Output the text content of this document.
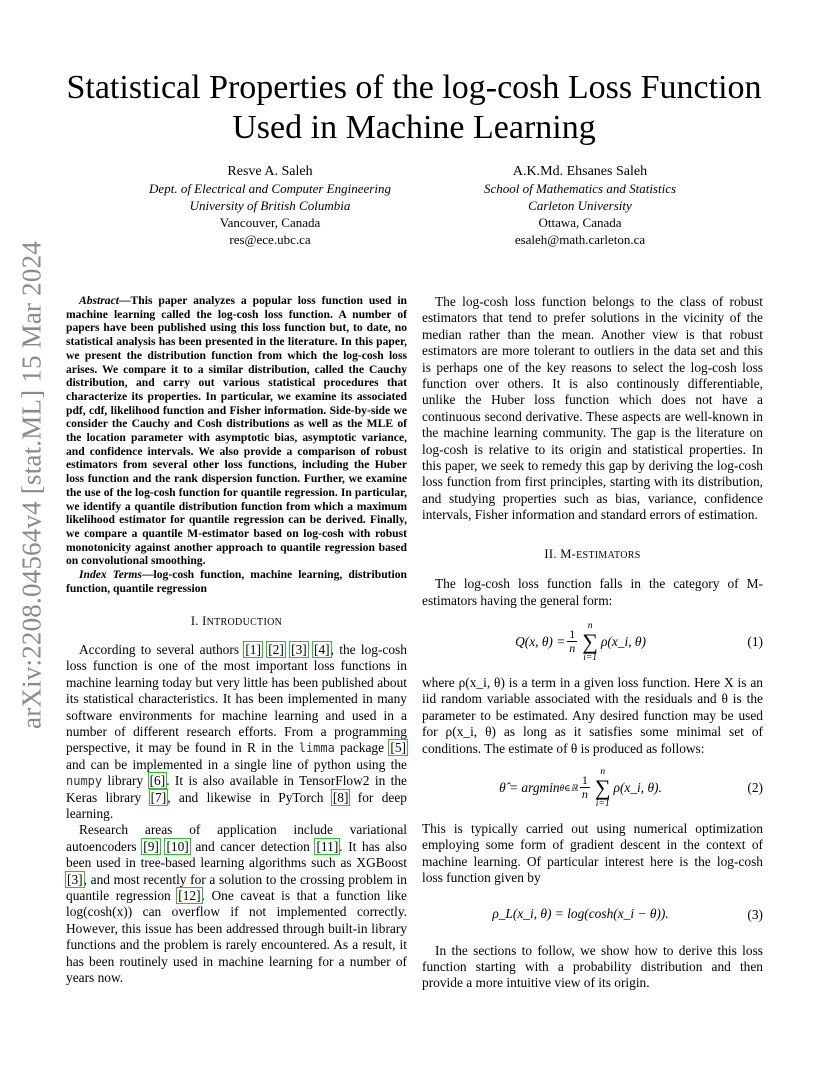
arXiv:2208.04564v4 [stat.ML] 15 Mar 2024
Statistical Properties of the log-cosh Loss Function
Used in Machine Learning
Resve A. Saleh
Dept. of Electrical and Computer Engineering
University of British Columbia
Vancouver, Canada
res@ece.ubc.ca
A.K.Md. Ehsanes Saleh
School of Mathematics and Statistics
Carleton University
Ottawa, Canada
esaleh@math.carleton.ca

Abstract—This paper analyzes a popular loss function used in machine learning called the log-cosh loss function. A number of papers have been published using this loss function but, to date, no statistical analysis has been presented in the literature. In this paper, we present the distribution function from which the log-cosh loss arises. We compare it to a similar distribution, called the Cauchy distribution, and carry out various statistical procedures that characterize its properties. In particular, we examine its associated pdf, cdf, likelihood function and Fisher information. Side-by-side we consider the Cauchy and Cosh distributions as well as the MLE of the location parameter with asymptotic bias, asymptotic variance, and confidence intervals. We also provide a comparison of robust estimators from several other loss functions, including the Huber loss function and the rank dispersion function. Further, we examine the use of the log-cosh function for quantile regression. In particular, we identify a quantile distribution function from which a maximum likelihood estimator for quantile regression can be derived. Finally, we compare a quantile M-estimator based on log-cosh with robust monotonicity against another approach to quantile regression based on convolutional smoothing.

Index Terms—log-cosh function, machine learning, distribution function, quantile regression

I. INTRODUCTION

According to several authors [1] [2] [3] [4], the log-cosh loss function is one of the most important loss functions in machine learning today but very little has been published about its statistical characteristics. It has been implemented in many software environments for machine learning and used in a number of different research efforts. From a programming perspective, it may be found in R in the limma package [5] and can be implemented in a single line of python using the numpy library [6]. It is also available in TensorFlow2 in the Keras library [7], and likewise in PyTorch [8] for deep learning.

Research areas of application include variational autoencoders [9] [10] and cancer detection [11]. It has also been used in tree-based learning algorithms such as XGBoost [3], and most recently for a solution to the crossing problem in quantile regression [12]. One caveat is that a function like log(cosh(x)) can overflow if not implemented correctly. However, this issue has been addressed through built-in library functions and the problem is rarely encountered. As a result, it has been routinely used in machine learning for a number of years now.

The log-cosh loss function belongs to the class of robust estimators that tend to prefer solutions in the vicinity of the median rather than the mean. Another view is that robust estimators are more tolerant to outliers in the data set and this is perhaps one of the key reasons to select the log-cosh loss function over others. It is also continously differentiable, unlike the Huber loss function which does not have a continuous second derivative. These aspects are well-known in the machine learning community. The gap is the literature on log-cosh is relative to its origin and statistical properties. In this paper, we seek to remedy this gap by deriving the log-cosh loss function from first principles, starting with its distribution, and studying properties such as bias, variance, confidence intervals, Fisher information and standard errors of estimation.

II. M-ESTIMATORS

The log-cosh loss function falls in the category of M-estimators having the general form:

Q(x, $\theta) = \frac{1}{n}$
n
∑
i=1
ρ(x_i, θ)	(1)

where ρ(x_i, θ) is a term in a given loss function. Here X is an iid random variable associated with the residuals and θ is the parameter to be estimated. Any desired function may be used for ρ(x_i, θ) as long as it satisfies some minimal set of conditions. The estimate of θ is produced as follows:

θ̂ = argmin θ∈ℝ $\frac{1}{n}$
n
∑
i=1
ρ(x_i, θ).	(2)

This is typically carried out using numerical optimization employing some form of gradient descent in the context of machine learning. Of particular interest here is the log-cosh loss function given by

ρ_L(x_i, θ) = log(cosh(x_i − θ)).	(3)

In the sections to follow, we show how to derive this loss function starting with a probability distribution and then provide a more intuitive view of its origin.
